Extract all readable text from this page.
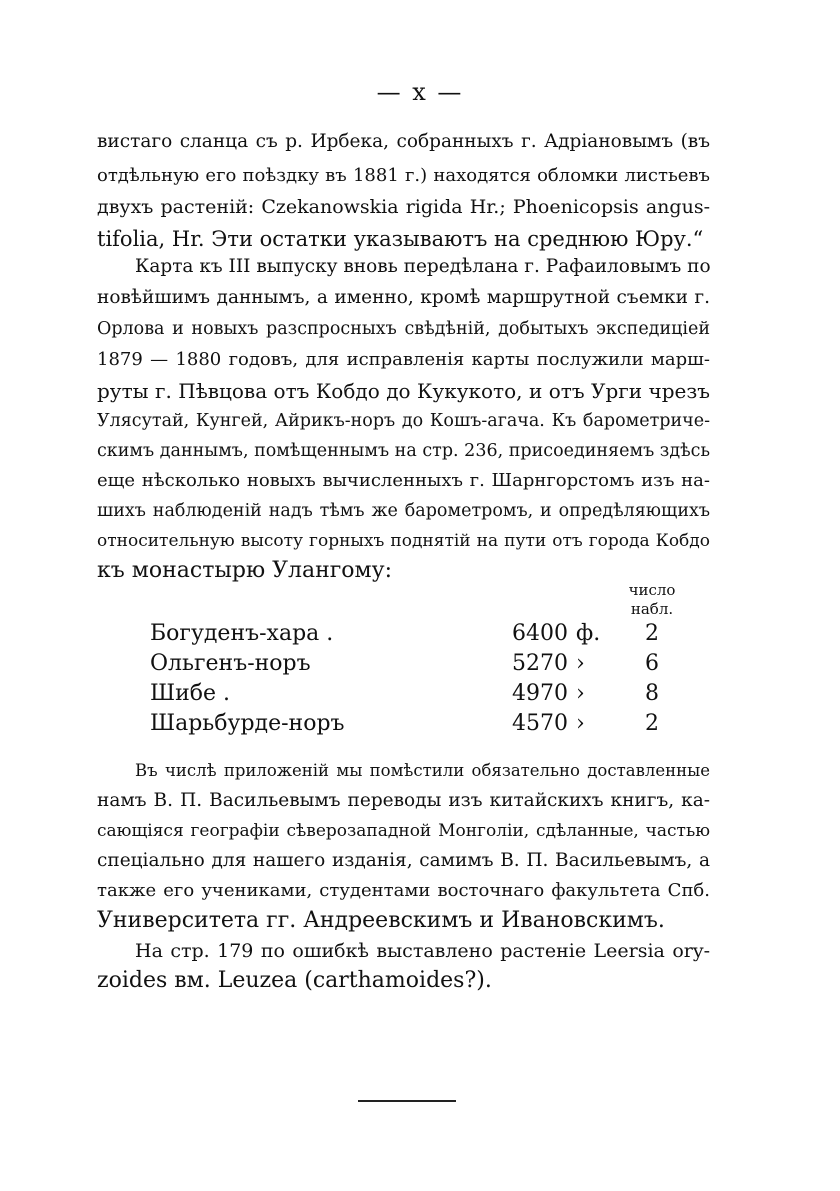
— x —
вистаго сланца съ р. Ирбека, собранныхъ г. Адріановымъ (въ
отдѣльную его поѣздку въ 1881 г.) находятся обломки листьевъ
двухъ растеній: Czekanowskia rigida Hr.; Phoenicopsis angus-
tifolia, Hr. Эти остатки указываютъ на среднюю Юру.“
Карта къ III выпуску вновь передѣлана г. Рафаиловымъ по
новѣйшимъ даннымъ, а именно, кромѣ маршрутной съемки г.
Орлова и новыхъ разспросныхъ свѣдѣній, добытыхъ экспедиціей
1879 — 1880 годовъ, для исправленія карты послужили марш-
руты г. Пѣвцова отъ Кобдо до Кукукото, и отъ Урги чрезъ
Улясутай, Кунгей, Айрикъ-норъ до Кошъ-агача. Къ барометриче-
скимъ даннымъ, помѣщеннымъ на стр. 236, присоединяемъ здѣсь
еще нѣсколько новыхъ вычисленныхъ г. Шарнгорстомъ изъ на-
шихъ наблюденій надъ тѣмъ же барометромъ, и опредѣляющихъ
относительную высоту горныхъ поднятій на пути отъ города Кобдо
къ монастырю Улангому:
число
набл.
Богуденъ-хара .	6400 ф.	2
Ольгенъ-норъ	5270 ›	6
Шибе .	4970 ›	8
Шарьбурде-норъ	4570 ›	2
Въ числѣ приложеній мы помѣстили обязательно доставленные
намъ В. П. Васильевымъ переводы изъ китайскихъ книгъ, ка-
сающіяся географіи сѣверозападной Монголіи, сдѣланные, частью
спеціально для нашего изданія, самимъ В. П. Васильевымъ, а
также его учениками, студентами восточнаго факультета Спб.
Университета гг. Андреевскимъ и Ивановскимъ.
На стр. 179 по ошибкѣ выставлено растеніе Leersia ory-
zoides вм. Leuzea (carthamoides?).
